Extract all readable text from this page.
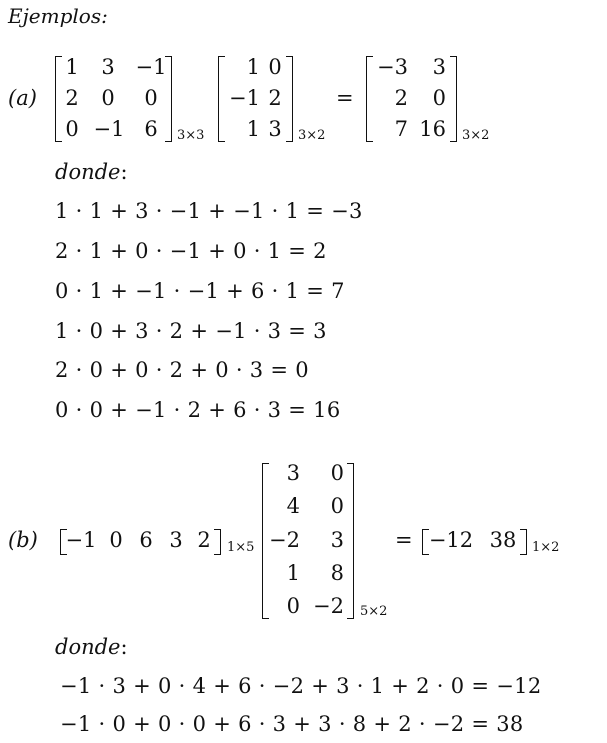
Ejemplos:
(a)
1 3 −1
2 0	0
0 −1 6	3×3
1 0
−1 2
1 3	3×2
=
−3	3
2	0
7 16 3×2
donde:
1 · 1 + 3 · −1 + −1 · 1 = −3
2 · 1 + 0 · −1 + 0 · 1 = 2
0 · 1 + −1 · −1 + 6 · 1 = 7
1 · 0 + 3 · 2 + −1 · 3 = 3
2 · 0 + 0 · 2 + 0 · 3 = 0
0 · 0 + −1 · 2 + 6 · 3 = 16
(b) −1 0 6 3 2 1×5
3	0
4	0
−2	3
1	8
0 −2 5×2
= −12 38 1×2
donde:
−1 · 3 + 0 · 4 + 6 · −2 + 3 · 1 + 2 · 0 = −12
−1 · 0 + 0 · 0 + 6 · 3 + 3 · 8 + 2 · −2 = 38
